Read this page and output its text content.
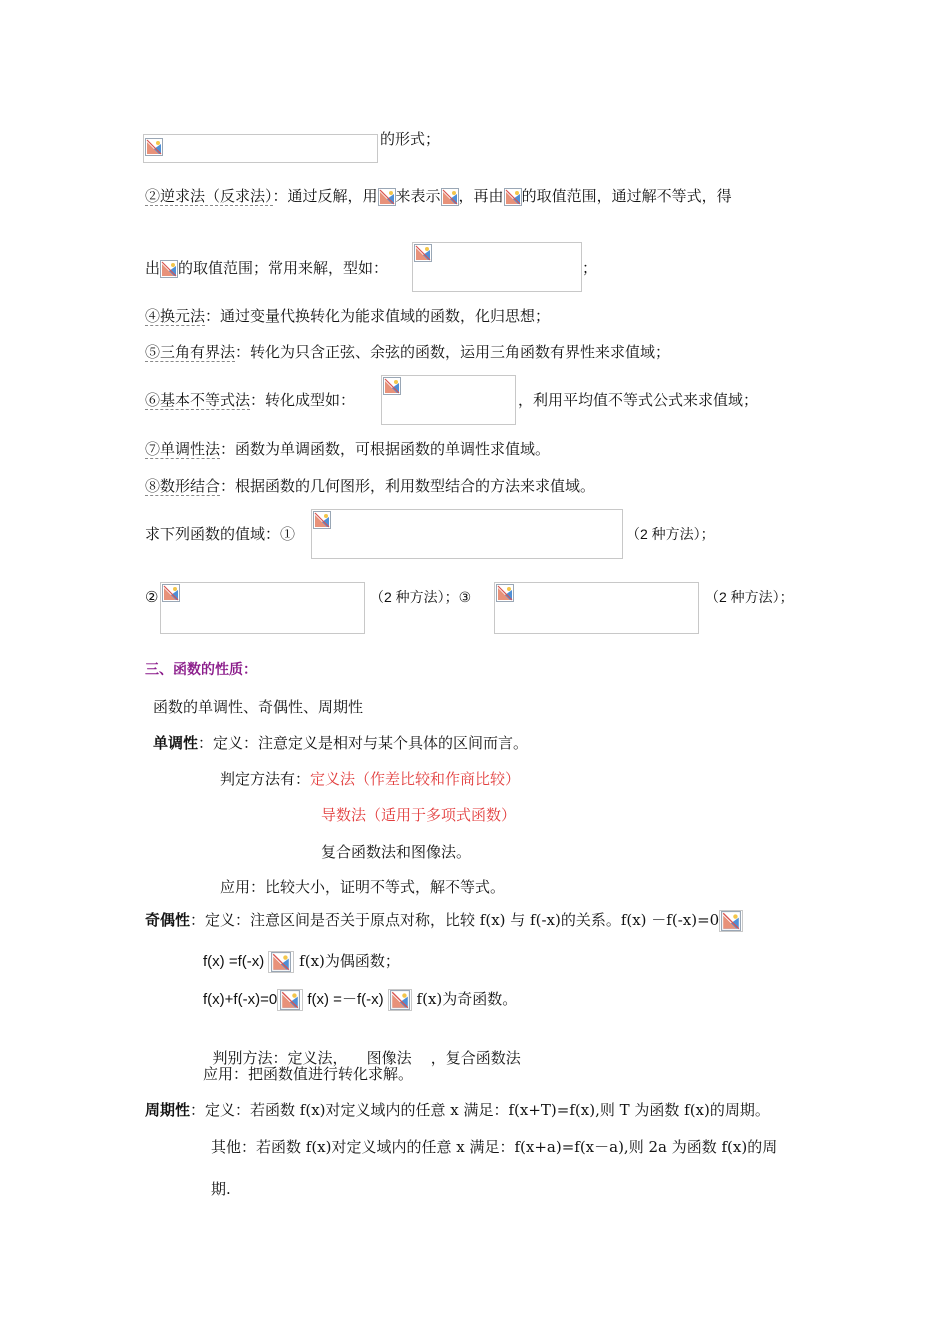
的形式；
②逆求法（反求法）：通过反解，用 来表示 ，再由 的取值范围，通过解不等式，得
出 的取值范围；常用来解，型如：	；
④换元法：通过变量代换转化为能求值域的函数，化归思想；
⑤三角有界法：转化为只含正弦、余弦的函数，运用三角函数有界性来求值域；
⑥基本不等式法：转化成型如：	，利用平均值不等式公式来求值域；
⑦单调性法：函数为单调函数，可根据函数的单调性求值域。
⑧数形结合：根据函数的几何图形，利用数型结合的方法来求值域。
求下列函数的值域：①	（2 种方法）；
②	（2 种方法）；③	（2 种方法）；
三、函数的性质：
函数的单调性、奇偶性、周期性
单调性：定义：注意定义是相对与某个具体的区间而言。
判定方法有：定义法（作差比较和作商比较）
导数法（适用于多项式函数）
复合函数法和图像法。
应用：比较大小，证明不等式，解不等式。
奇偶性：定义：注意区间是否关于原点对称，比较 f(x) 与 f(-x)的关系。f(x) －f(-x)=0
f(x) =f(-x)  f(x)为偶函数；
f(x)+f(-x)=0 f(x) =－f(-x)  f(x)为奇函数。

判别方法：定义法，    图像法    ，复合函数法

应用：把函数值进行转化求解。
周期性：定义：若函数 f(x)对定义域内的任意 x 满足：f(x+T)=f(x),则 T 为函数 f(x)的周期。
其他：若函数 f(x)对定义域内的任意 x 满足：f(x+a)=f(x－a),则 2a 为函数 f(x)的周
期.
